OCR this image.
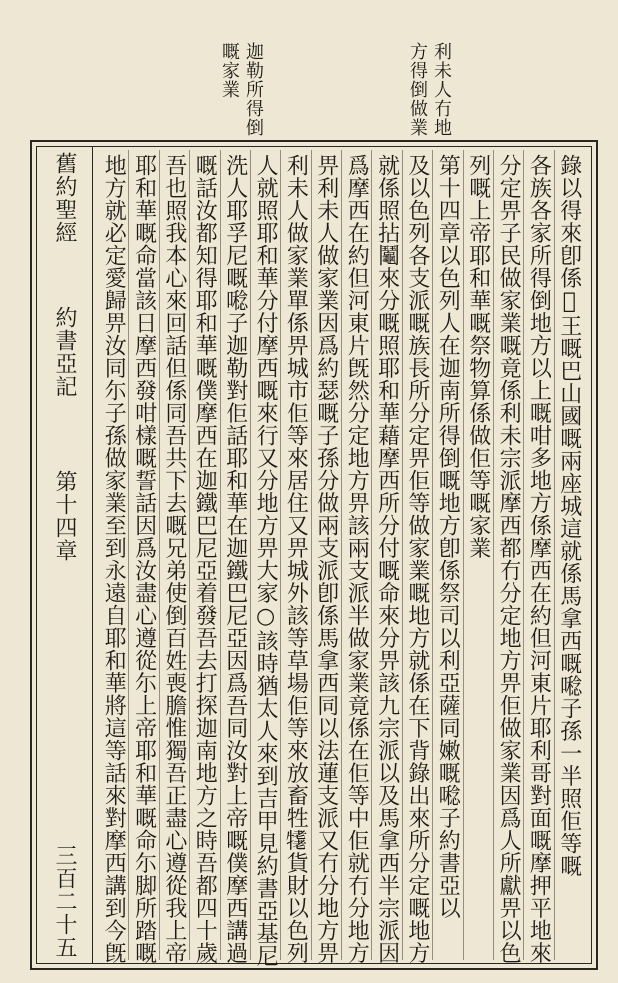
利未人冇地
方得倒做業
迦勒所得倒
嘅家業
錄以得來卽係𩀱王嘅巴山國嘅兩座城這就係馬拿西嘅𡀝子孫一半照佢等嘅
各族各家所得倒地方以上嘅咁多地方係摩西在約但河東片耶利哥對面嘅摩押平地來
分定畀子民做家業嘅竟係利未宗派摩西都冇分定地方畀佢做家業因爲人所獻畀以色
列嘅上帝耶和華嘅祭物算係做佢等嘅家業
第十四章以色列人在迦南所得倒嘅地方卽係祭司以利亞薩同嫩嘅𡀝子約書亞以
及以色列各支派嘅族長所分定畀佢等做家業嘅地方就係在下背錄出來所分定嘅地方
就係照拈鬮來分嘅照耶和華藉摩西所分付嘅命來分畀該九宗派以及馬拿西半宗派因
爲摩西在約但河東片旣然分定地方畀該兩支派半做家業竟係在佢等中佢就冇分地方
畀利未人做家業因爲約瑟嘅子孫分做兩支派卽係馬拿西同以法蓮支派又冇分地方畀
利未人做家業單係畀城市佢等來居住又畀城外該等草場佢等來放畜牲𤛪貨財以色列
人就照耶和華分付摩西嘅來行又分地方畀大家○該時猶太人來到吉甲見約書亞基尼
洗人耶孚尼嘅𡀝子迦勒對佢話耶和華在迦鐵巴尼亞因爲吾同汝對上帝嘅僕摩西講過
嘅話汝都知得耶和華嘅僕摩西在迦鐵巴尼亞着發吾去打探迦南地方之時吾都四十歲
吾也照我本心來回話但係同吾共下去嘅兄弟使倒百姓喪膽惟獨吾正盡心遵從我上帝
耶和華嘅命當該日摩西發咁樣嘅誓話因爲汝盡心遵從尓上帝耶和華嘅命尓脚所踏嘅
地方就必定愛歸畀汝同尓子孫做家業至到永遠自耶和華將這等話來對摩西講到今旣
舊約聖經
約書亞記
第十四章
三百二十五
